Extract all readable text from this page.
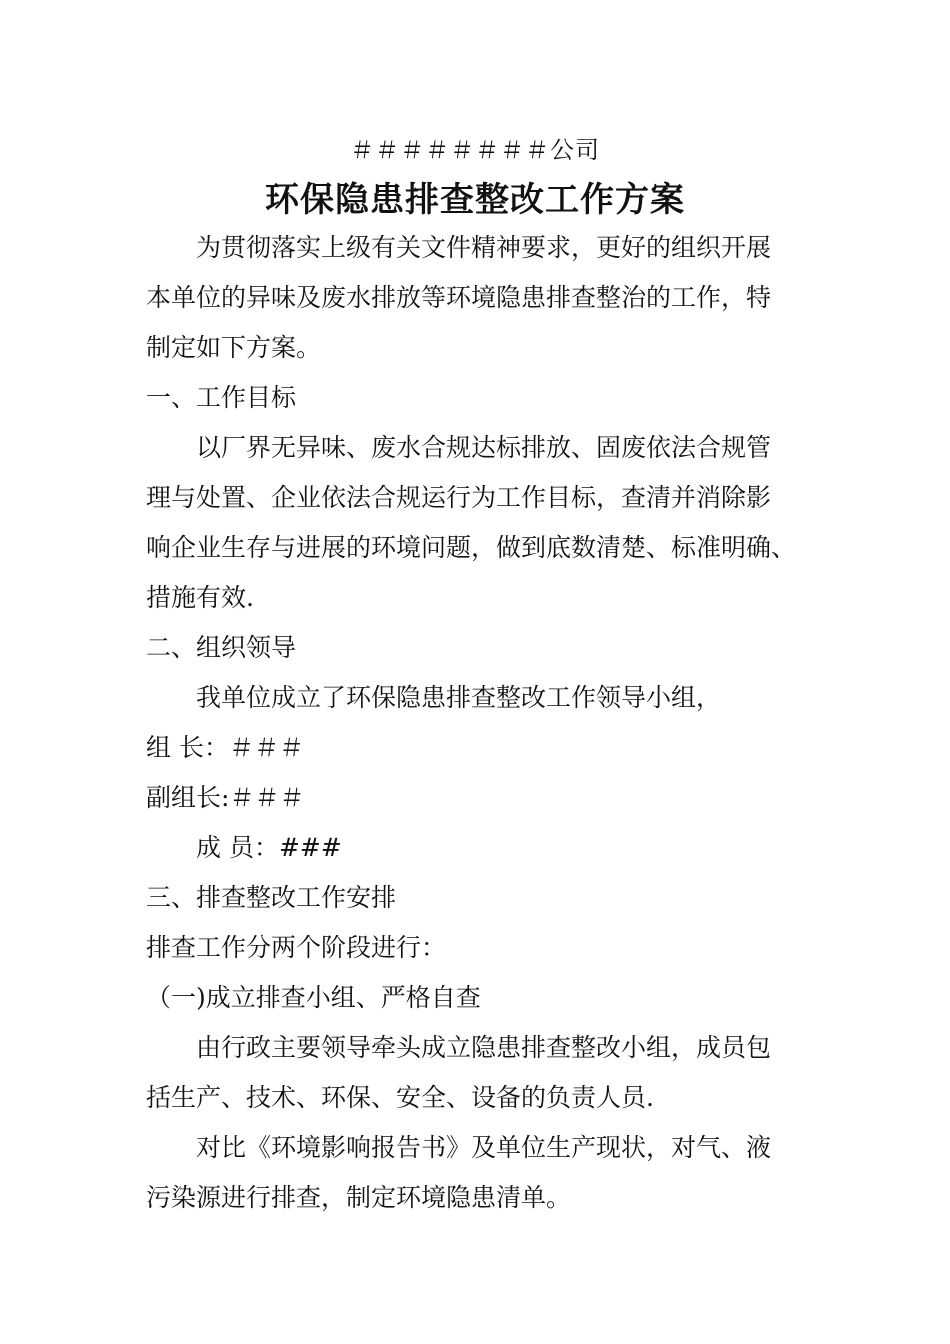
＃＃＃＃＃＃＃＃公司
环保隐患排查整改工作方案
为贯彻落实上级有关文件精神要求，更好的组织开展
本单位的异味及废水排放等环境隐患排查整治的工作，特
制定如下方案。
一、工作目标
以厂界无异味、废水合规达标排放、固废依法合规管
理与处置、企业依法合规运行为工作目标，查清并消除影
响企业生存与进展的环境问题，做到底数清楚、标准明确、
措施有效.
二、组织领导
我单位成立了环保隐患排查整改工作领导小组，
组 长：＃＃＃
副组长:＃＃＃
成 员：###
三、排查整改工作安排
排查工作分两个阶段进行：
（一)成立排查小组、严格自查
由行政主要领导牵头成立隐患排查整改小组，成员包
括生产、技术、环保、安全、设备的负责人员.
对比《环境影响报告书》及单位生产现状，对气、液
污染源进行排查，制定环境隐患清单。
